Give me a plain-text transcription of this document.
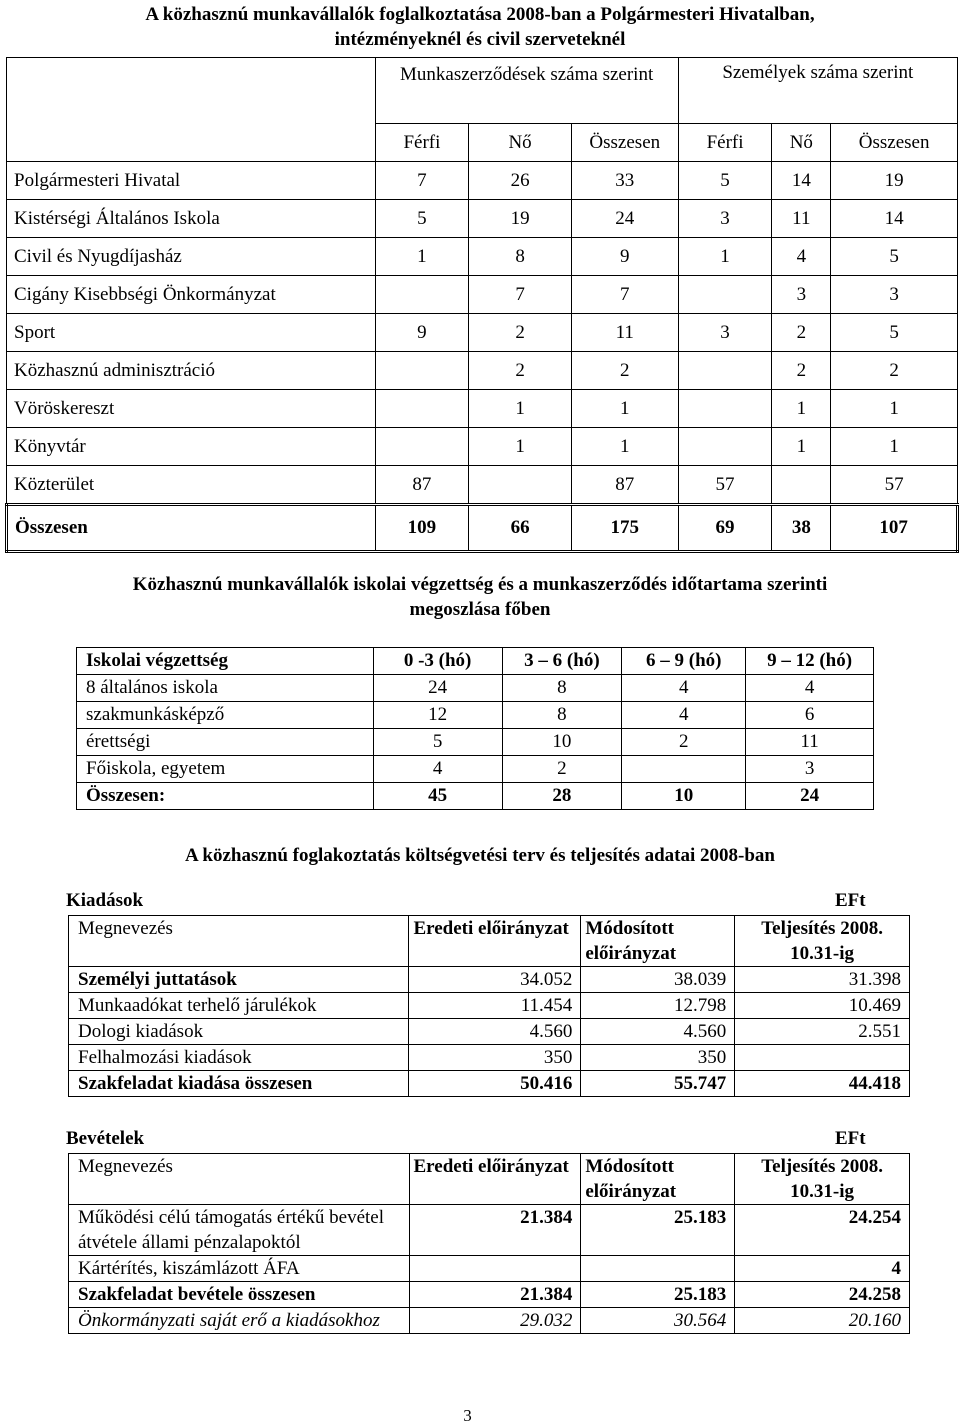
A közhasznú munkavállalók foglalkoztatása 2008-ban a Polgármesteri Hivatalban,
intézményeknél és civil szerveteknél
	Munkaszerződések száma szerint			Személyek száma szerint		
	Férfi	Nő	Összesen	Férfi	Nő	Összesen
Polgármesteri Hivatal	7	26	33	5	14	19
Kistérségi Általános Iskola	5	19	24	3	11	14
Civil és Nyugdíjasház	1	8	9	1	4	5
Cigány Kisebbségi Önkormányzat		7	7		3	3
Sport	9	2	11	3	2	5
Közhasznú adminisztráció		2	2		2	2
Vöröskereszt		1	1		1	1
Könyvtár		1	1		1	1
Közterület	87		87	57		57
Összesen	109	66	175	69	38	107
Közhasznú munkavállalók iskolai végzettség és a munkaszerződés időtartama szerinti
megoszlása főben
Iskolai végzettség	0 -3 (hó)	3 – 6 (hó)	6 – 9 (hó)	9 – 12 (hó)
8 általános iskola	24	8	4	4
szakmunkásképző	12	8	4	6
érettségi	5	10	2	11
Főiskola, egyetem	4	2		3
Összesen:	45	28	10	24
A közhasznú foglakoztatás költségvetési terv és teljesítés adatai 2008-ban
Kiadások	EFt
Megnevezés	Eredeti előirányzat	Módosított előirányzat	Teljesítés 2008. 10.31-ig
Személyi juttatások	34.052	38.039	31.398
Munkaadókat terhelő járulékok	11.454	12.798	10.469
Dologi kiadások	4.560	4.560	2.551
Felhalmozási kiadások	350	350	
Szakfeladat kiadása összesen	50.416	55.747	44.418
Bevételek	EFt
Megnevezés	Eredeti előirányzat	Módosított előirányzat	Teljesítés 2008. 10.31-ig
Működési célú támogatás értékű bevétel átvétele állami pénzalapoktól	21.384	25.183	24.254
Kártérítés, kiszámlázott ÁFA			4
Szakfeladat bevétele összesen	21.384	25.183	24.258
Önkormányzati saját erő a kiadásokhoz	29.032	30.564	20.160
3
